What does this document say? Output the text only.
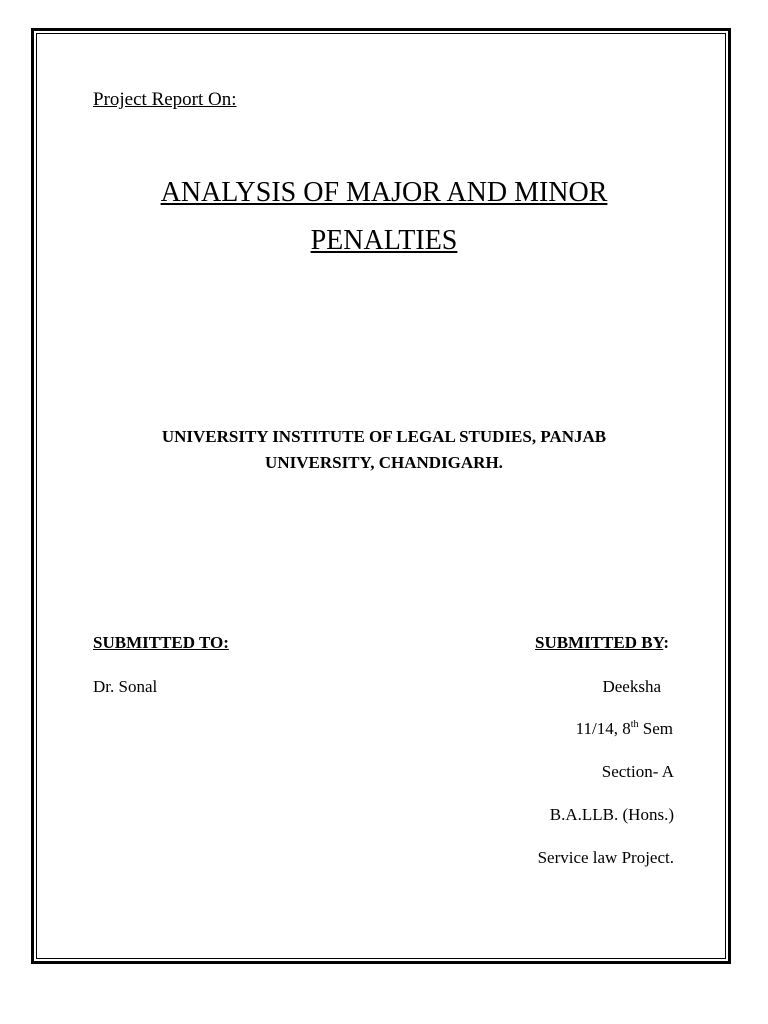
Project Report On:
ANALYSIS OF MAJOR AND MINOR
PENALTIES
UNIVERSITY INSTITUTE OF LEGAL STUDIES, PANJAB
UNIVERSITY, CHANDIGARH.
SUBMITTED TO:
Dr. Sonal
SUBMITTED BY:
Deeksha
11/14, 8th Sem
Section- A
B.A.LLB. (Hons.)
Service law Project.
